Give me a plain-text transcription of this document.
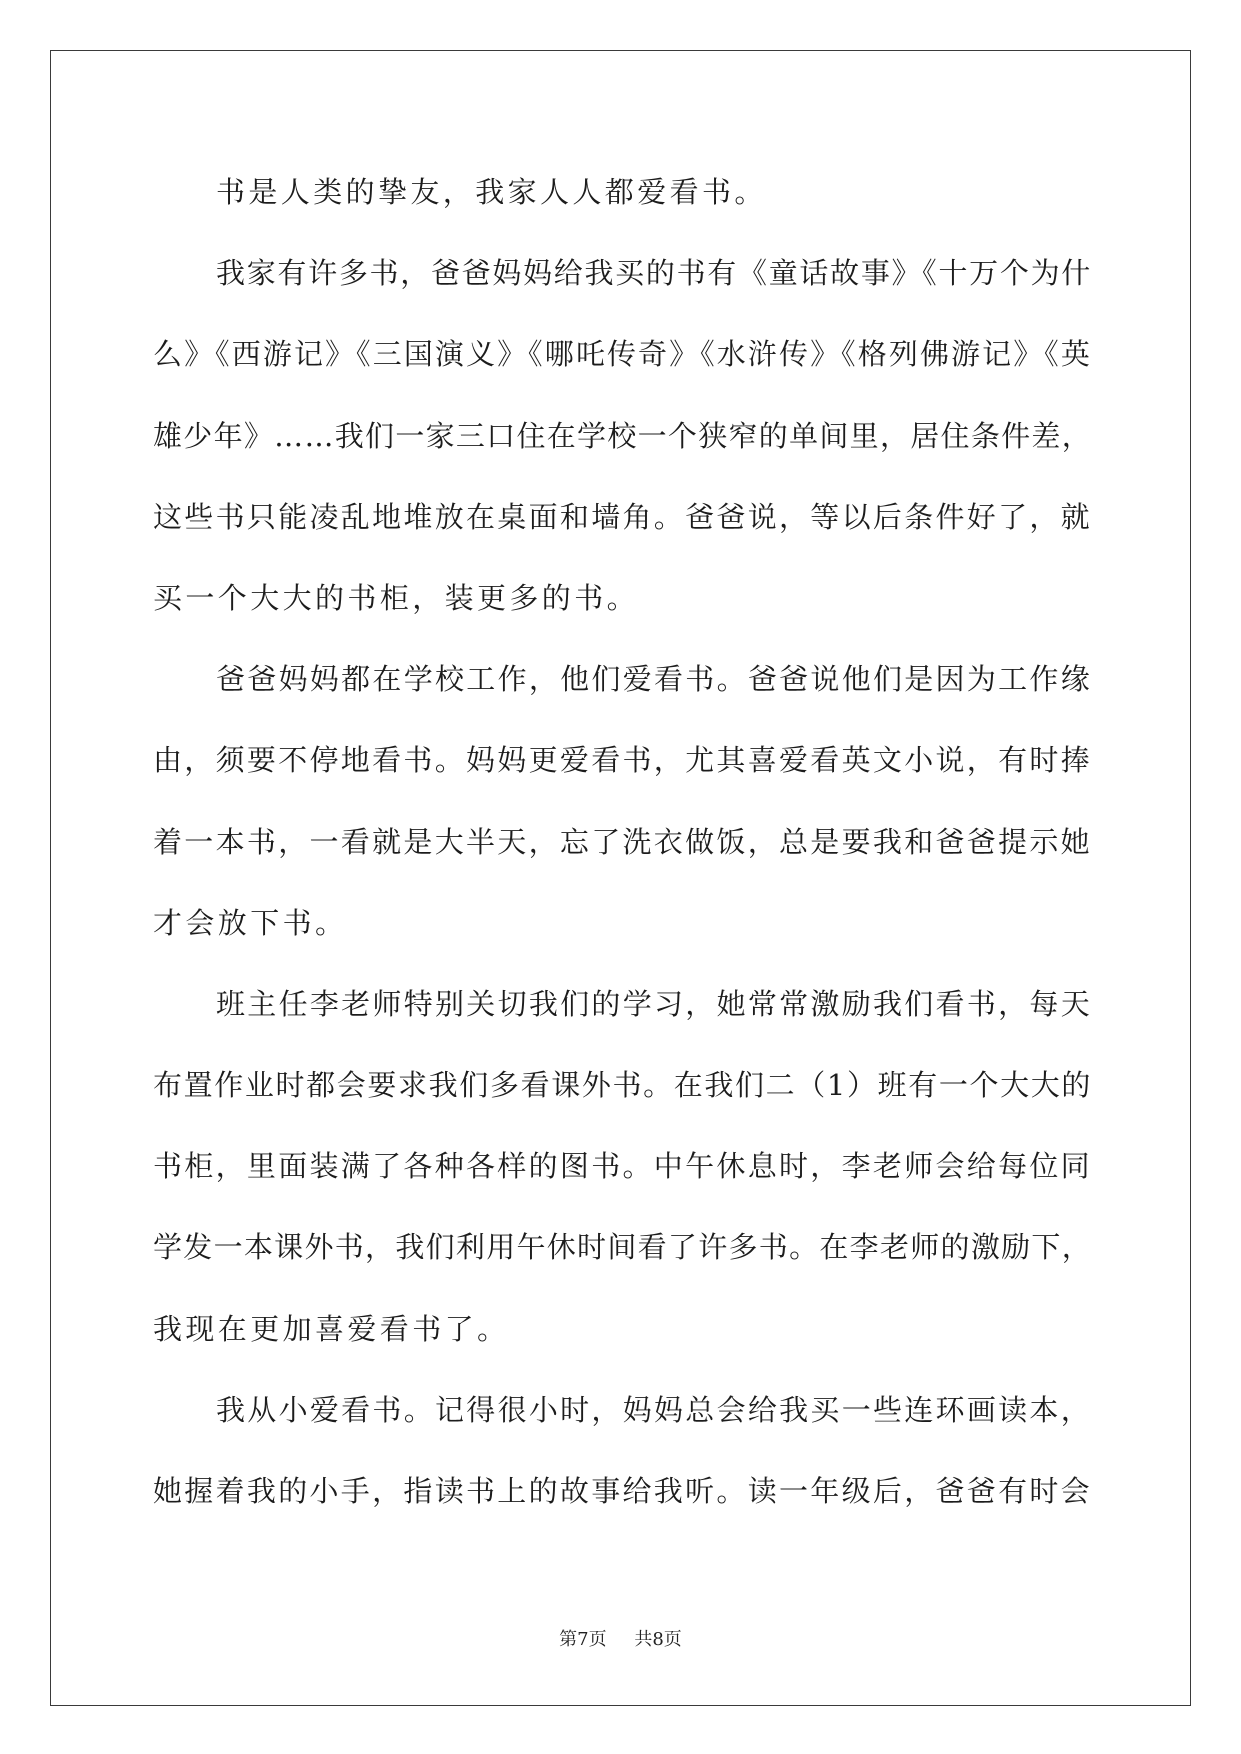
书是人类的挚友，我家人人都爱看书。
我家有许多书，爸爸妈妈给我买的书有《童话故事》《十万个为什
么》《西游记》《三国演义》《哪吒传奇》《水浒传》《格列佛游记》《英
雄少年》……我们一家三口住在学校一个狭窄的单间里，居住条件差，
这些书只能凌乱地堆放在桌面和墙角。爸爸说，等以后条件好了，就
买一个大大的书柜，装更多的书。
爸爸妈妈都在学校工作，他们爱看书。爸爸说他们是因为工作缘
由，须要不停地看书。妈妈更爱看书，尤其喜爱看英文小说，有时捧
着一本书，一看就是大半天，忘了洗衣做饭，总是要我和爸爸提示她
才会放下书。
班主任李老师特别关切我们的学习，她常常激励我们看书，每天
布置作业时都会要求我们多看课外书。在我们二（1）班有一个大大的
书柜，里面装满了各种各样的图书。中午休息时，李老师会给每位同
学发一本课外书，我们利用午休时间看了许多书。在李老师的激励下，
我现在更加喜爱看书了。
我从小爱看书。记得很小时，妈妈总会给我买一些连环画读本，
她握着我的小手，指读书上的故事给我听。读一年级后，爸爸有时会
第7页 共8页
